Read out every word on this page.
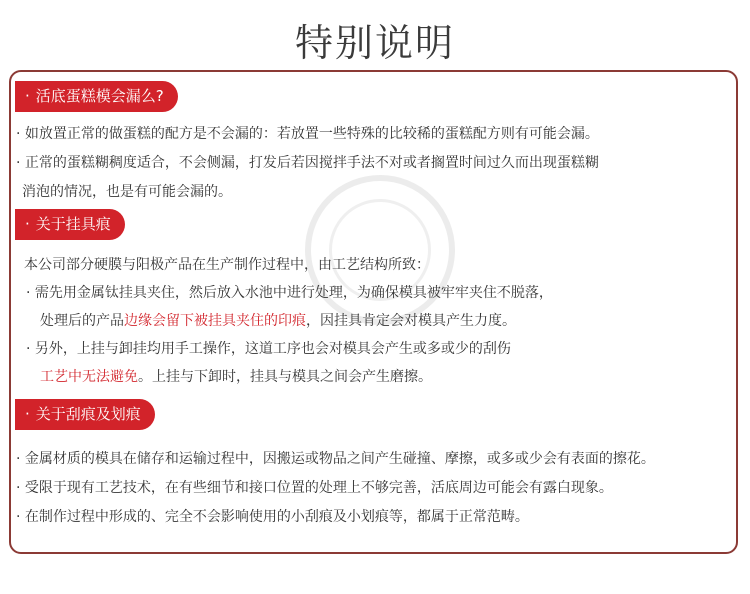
特别说明
· 活底蛋糕模会漏么?
· 如放置正常的做蛋糕的配方是不会漏的：若放置一些特殊的比较稀的蛋糕配方则有可能会漏。
· 正常的蛋糕糊稠度适合，不会侧漏，打发后若因搅拌手法不对或者搁置时间过久而出现蛋糕糊
消泡的情况，也是有可能会漏的。
· 关于挂具痕
本公司部分硬膜与阳极产品在生产制作过程中，由工艺结构所致：
· 需先用金属钛挂具夹住，然后放入水池中进行处理，为确保模具被牢牢夹住不脱落，
处理后的产品边缘会留下被挂具夹住的印痕，因挂具肯定会对模具产生力度。
· 另外，上挂与卸挂均用手工操作，这道工序也会对模具会产生或多或少的刮伤
工艺中无法避免。上挂与下卸时，挂具与模具之间会产生磨擦。
· 关于刮痕及划痕
· 金属材质的模具在储存和运输过程中，因搬运或物品之间产生碰撞、摩擦，或多或少会有表面的擦花。
· 受限于现有工艺技术，在有些细节和接口位置的处理上不够完善，活底周边可能会有露白现象。
· 在制作过程中形成的、完全不会影响使用的小刮痕及小划痕等，都属于正常范畴。
